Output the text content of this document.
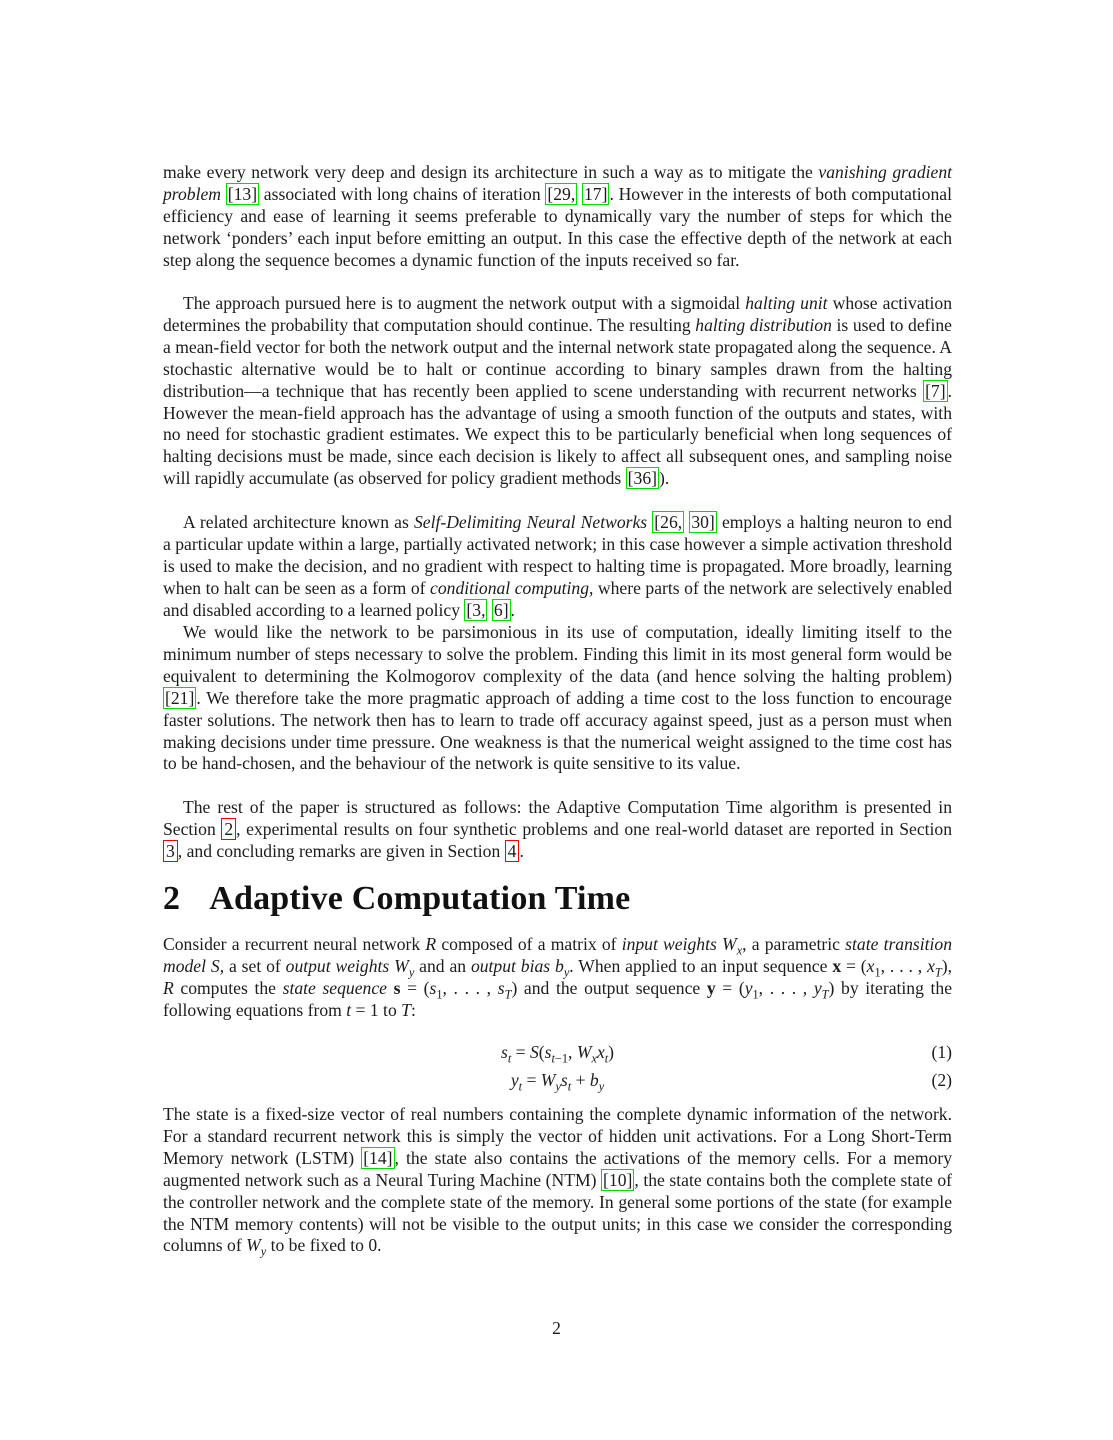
make every network very deep and design its architecture in such a way as to mitigate the vanishing gradient problem [13] associated with long chains of iteration [29, 17] . However in the interests of both computational efficiency and ease of learning it seems preferable to dynamically vary the number of steps for which the network ‘ponders’ each input before emitting an output. In this case the effective depth of the network at each step along the sequence becomes a dynamic function of the inputs received so far.

The approach pursued here is to augment the network output with a sigmoidal halting unit whose activation determines the probability that computation should continue. The resulting halting distribution is used to define a mean-field vector for both the network output and the internal network state propagated along the sequence. A stochastic alternative would be to halt or continue according to binary samples drawn from the halting distribution—a technique that has recently been applied to scene understanding with recurrent networks [7] . However the mean-field approach has the advantage of using a smooth function of the outputs and states, with no need for stochastic gradient estimates. We expect this to be particularly beneficial when long sequences of halting decisions must be made, since each decision is likely to affect all subsequent ones, and sampling noise will rapidly accumulate (as observed for policy gradient methods [36] ).

A related architecture known as Self-Delimiting Neural Networks [26, 30] employs a halting neuron to end a particular update within a large, partially activated network; in this case however a simple activation threshold is used to make the decision, and no gradient with respect to halting time is propagated. More broadly, learning when to halt can be seen as a form of conditional computing, where parts of the network are selectively enabled and disabled according to a learned policy [3, 6] .

We would like the network to be parsimonious in its use of computation, ideally limiting itself to the minimum number of steps necessary to solve the problem. Finding this limit in its most general form would be equivalent to determining the Kolmogorov complexity of the data (and hence solving the halting problem) [21] . We therefore take the more pragmatic approach of adding a time cost to the loss function to encourage faster solutions. The network then has to learn to trade off accuracy against speed, just as a person must when making decisions under time pressure. One weakness is that the numerical weight assigned to the time cost has to be hand-chosen, and the behaviour of the network is quite sensitive to its value.

The rest of the paper is structured as follows: the Adaptive Computation Time algorithm is presented in Section 2 , experimental results on four synthetic problems and one real-world dataset are reported in Section 3 , and concluding remarks are given in Section 4 .

2 Adaptive Computation Time

Consider a recurrent neural network R composed of a matrix of input weights $W_x$, a parametric state transition model S, a set of output weights $W_y$ and an output bias $b_y$. When applied to an input sequence $x = (x_1$, . . . , $x_T$), R computes the state sequence $s = (s_1$, . . . , $s_T$) and the output sequence $y = (y_1$, . . . , $y_T$) by iterating the following equations from t = 1 to T:

$s_t = S(s_{t-1}$, $W_xx_t$)	(1)
$y_t = W_ys_t + b_y$	(2)

The state is a fixed-size vector of real numbers containing the complete dynamic information of the network. For a standard recurrent network this is simply the vector of hidden unit activations. For a Long Short-Term Memory network (LSTM) [14] , the state also contains the activations of the memory cells. For a memory augmented network such as a Neural Turing Machine (NTM) [10] , the state contains both the complete state of the controller network and the complete state of the memory. In general some portions of the state (for example the NTM memory contents) will not be visible to the output units; in this case we consider the corresponding columns of $W_y$ to be fixed to 0.

2
